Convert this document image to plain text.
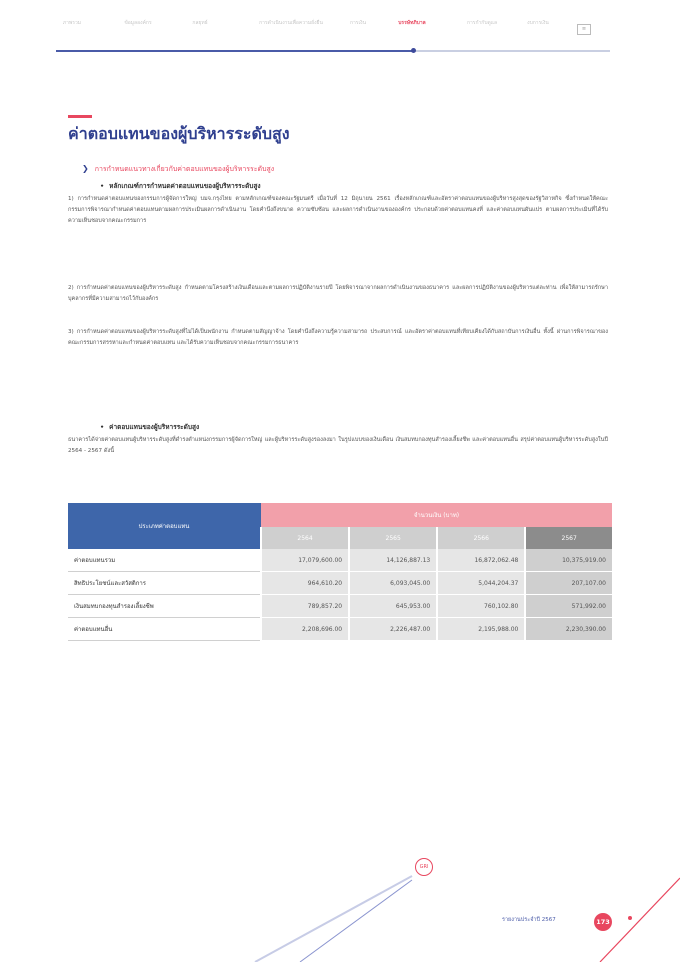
ภาพรวม	ข้อมูลองค์กร	กลยุทธ์	การดำเนินงานเพื่อความยั่งยืน	การเงิน	บรรษัทภิบาล	การกำกับดูแล	งบการเงิน
≡
ค่าตอบแทนของผู้บริหารระดับสูง
❯ การกำหนดแนวทางเกี่ยวกับค่าตอบแทนของผู้บริหารระดับสูง
• หลักเกณฑ์การกำหนดค่าตอบแทนของผู้บริหารระดับสูง
1) การกำหนดค่าตอบแทนของกรรมการผู้จัดการใหญ่ บมจ.กรุงไทย ตามหลักเกณฑ์ของคณะรัฐมนตรี เมื่อวันที่ 12 มิถุนายน 2561 เรื่องหลักเกณฑ์และอัตราค่าตอบแทนของผู้บริหารสูงสุดของรัฐวิสาหกิจ ซึ่งกำหนดให้คณะกรรมการพิจารณากำหนดค่าตอบแทนตามผลการประเมินผลการดำเนินงาน โดยคำนึงถึงขนาด ความซับซ้อน และผลการดำเนินงานขององค์กร ประกอบด้วยค่าตอบแทนคงที่ และค่าตอบแทนผันแปร ตามผลการประเมินที่ได้รับความเห็นชอบจากคณะกรรมการ
2) การกำหนดค่าตอบแทนของผู้บริหารระดับสูง กำหนดตามโครงสร้างเงินเดือนและตามผลการปฏิบัติงานรายปี โดยพิจารณาจากผลการดำเนินงานของธนาคาร และผลการปฏิบัติงานของผู้บริหารแต่ละท่าน เพื่อให้สามารถรักษาบุคลากรที่มีความสามารถไว้กับองค์กร
3) การกำหนดค่าตอบแทนของผู้บริหารระดับสูงที่ไม่ได้เป็นพนักงาน กำหนดตามสัญญาจ้าง โดยคำนึงถึงความรู้ความสามารถ ประสบการณ์ และอัตราค่าตอบแทนที่เทียบเคียงได้กับสถาบันการเงินอื่น ทั้งนี้ ผ่านการพิจารณาของคณะกรรมการสรรหาและกำหนดค่าตอบแทน และได้รับความเห็นชอบจากคณะกรรมการธนาคาร
• ค่าตอบแทนของผู้บริหารระดับสูง
ธนาคารได้จ่ายค่าตอบแทนผู้บริหารระดับสูงที่ดำรงตำแหน่งกรรมการผู้จัดการใหญ่ และผู้บริหารระดับสูงรองลงมา ในรูปแบบของเงินเดือน เงินสมทบกองทุนสำรองเลี้ยงชีพ และค่าตอบแทนอื่น สรุปค่าตอบแทนผู้บริหารระดับสูงในปี 2564 - 2567 ดังนี้
ประเภทค่าตอบแทน	จำนวนเงิน (บาท)			
	2564	2565	2566	2567
ค่าตอบแทนรวม	17,079,600.00	14,126,887.13	16,872,062.48	10,375,919.00
สิทธิประโยชน์และสวัสดิการ	964,610.20	6,093,045.00	5,044,204.37	207,107.00
เงินสมทบกองทุนสำรองเลี้ยงชีพ	789,857.20	645,953.00	760,102.80	571,992.00
ค่าตอบแทนอื่น	2,208,696.00	2,226,487.00	2,195,988.00	2,230,390.00
GRI
รายงานประจำปี 2567	173
